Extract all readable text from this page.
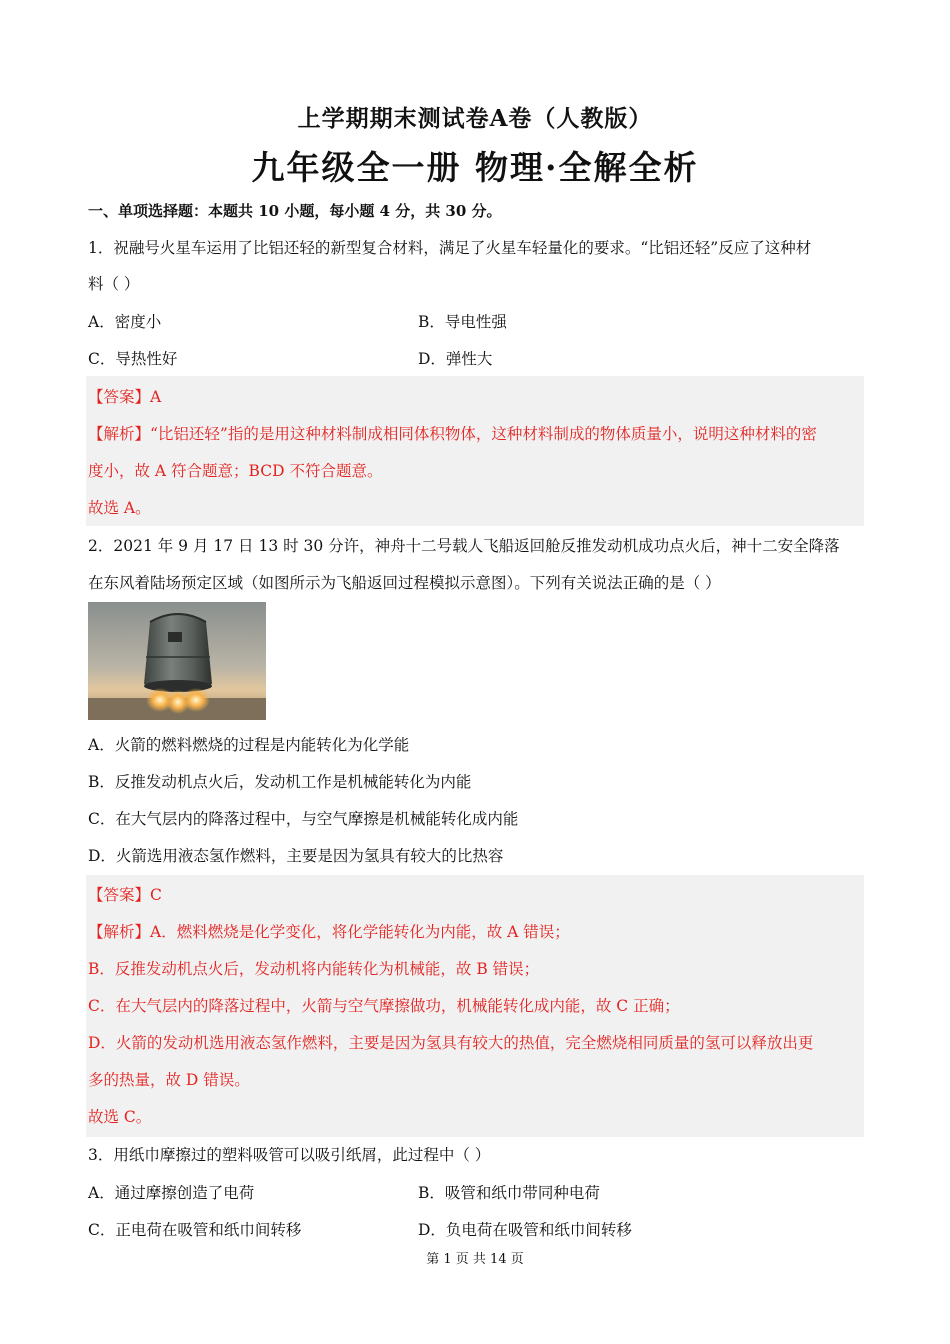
上学期期末测试卷A卷（人教版）
九年级全一册 物理·全解全析
一、单项选择题：本题共 10 小题，每小题 4 分，共 30 分。
1．祝融号火星车运用了比铝还轻的新型复合材料，满足了火星车轻量化的要求。“比铝还轻”反应了这种材
料（ ）
A．密度小	B．导电性强
C．导热性好	D．弹性大
【答案】A
【解析】“比铝还轻”指的是用这种材料制成相同体积物体，这种材料制成的物体质量小，说明这种材料的密
度小，故 A 符合题意；BCD 不符合题意。
故选 A。
2．2021 年 9 月 17 日 13 时 30 分许，神舟十二号载人飞船返回舱反推发动机成功点火后，神十二安全降落
在东风着陆场预定区域（如图所示为飞船返回过程模拟示意图）。下列有关说法正确的是（ ）
A．火箭的燃料燃烧的过程是内能转化为化学能
B．反推发动机点火后，发动机工作是机械能转化为内能
C．在大气层内的降落过程中，与空气摩擦是机械能转化成内能
D．火箭选用液态氢作燃料，主要是因为氢具有较大的比热容
【答案】C
【解析】A．燃料燃烧是化学变化，将化学能转化为内能，故 A 错误；
B．反推发动机点火后，发动机将内能转化为机械能，故 B 错误；
C．在大气层内的降落过程中，火箭与空气摩擦做功，机械能转化成内能，故 C 正确；
D．火箭的发动机选用液态氢作燃料，主要是因为氢具有较大的热值，完全燃烧相同质量的氢可以释放出更
多的热量，故 D 错误。
故选 C。
3．用纸巾摩擦过的塑料吸管可以吸引纸屑，此过程中（ ）
A．通过摩擦创造了电荷	B．吸管和纸巾带同种电荷
C．正电荷在吸管和纸巾间转移	D．负电荷在吸管和纸巾间转移
第 1 页 共 14 页
